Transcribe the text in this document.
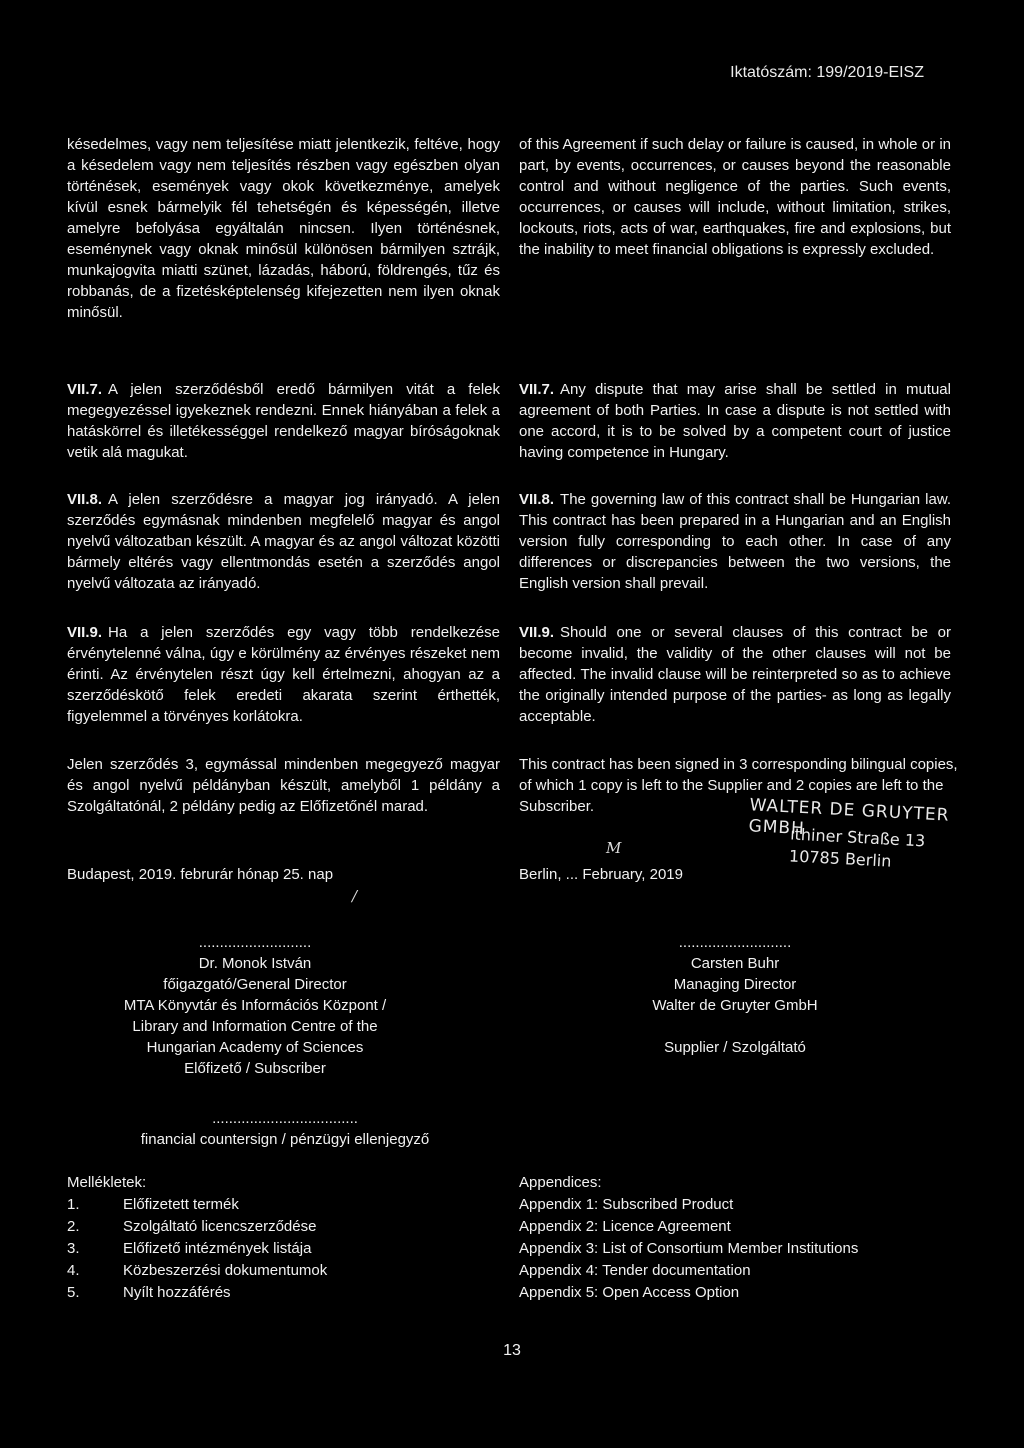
Iktatószám: 199/2019-EISZ
késedelmes, vagy nem teljesítése miatt jelentkezik, feltéve, hogy a késedelem vagy nem teljesítés részben vagy egészben olyan történések, események vagy okok következménye, amelyek kívül esnek bármelyik fél tehetségén és képességén, illetve amelyre befolyása egyáltalán nincsen. Ilyen történésnek, eseménynek vagy oknak minősül különösen bármilyen sztrájk, munkajogvita miatti szünet, lázadás, háború, földrengés, tűz és robbanás, de a fizetésképtelenség kifejezetten nem ilyen oknak minősül.
of this Agreement if such delay or failure is caused, in whole or in part, by events, occurrences, or causes beyond the reasonable control and without negligence of the parties. Such events, occurrences, or causes will include, without limitation, strikes, lockouts, riots, acts of war, earthquakes, fire and explosions, but the inability to meet financial obligations is expressly excluded.
VII.7. A jelen szerződésből eredő bármilyen vitát a felek megegyezéssel igyekeznek rendezni. Ennek hiányában a felek a hatáskörrel és illetékességgel rendelkező magyar bíróságoknak vetik alá magukat.
VII.7. Any dispute that may arise shall be settled in mutual agreement of both Parties. In case a dispute is not settled with one accord, it is to be solved by a competent court of justice having competence in Hungary.
VII.8. A jelen szerződésre a magyar jog irányadó. A jelen szerződés egymásnak mindenben megfelelő magyar és angol nyelvű változatban készült. A magyar és az angol változat közötti bármely eltérés vagy ellentmondás esetén a szerződés angol nyelvű változata az irányadó.
VII.8. The governing law of this contract shall be Hungarian law. This contract has been prepared in a Hungarian and an English version fully corresponding to each other. In case of any differences or discrepancies between the two versions, the English version shall prevail.
VII.9. Ha a jelen szerződés egy vagy több rendelkezése érvénytelenné válna, úgy e körülmény az érvényes részeket nem érinti. Az érvénytelen részt úgy kell értelmezni, ahogyan az a szerződéskötő felek eredeti akarata szerint érthették, figyelemmel a törvényes korlátokra.
VII.9. Should one or several clauses of this contract be or become invalid, the validity of the other clauses will not be affected. The invalid clause will be reinterpreted so as to achieve the originally intended purpose of the parties- as long as legally acceptable.
Jelen szerződés 3, egymással mindenben megegyező magyar és angol nyelvű példányban készült, amelyből 1 példány a Szolgáltatónál, 2 példány pedig az Előfizetőnél marad.
This contract has been signed in 3 corresponding bilingual copies, of which 1 copy is left to the Supplier and 2 copies are left to the Subscriber.	WALTER DE GRUYTER GMBH
ıthiner Straße 13
10785 Berlin
M
/
Budapest, 2019. februrár hónap 25. nap	Berlin, ... February, 2019
...........................
Dr. Monok István
főigazgató/General Director
MTA Könyvtár és Információs Központ /
Library and Information Centre of the
Hungarian Academy of Sciences
Előfizető / Subscriber
...........................
Carsten Buhr
Managing Director
Walter de Gruyter GmbH
Supplier / Szolgáltató
...................................
financial countersign / pénzügyi ellenjegyző
Mellékletek:
1.	Előfizetett termék
2.	Szolgáltató licencszerződése
3.	Előfizető intézmények listája
4.	Közbeszerzési dokumentumok
5.	Nyílt hozzáférés
Appendices:
Appendix 1: Subscribed Product
Appendix 2: Licence Agreement
Appendix 3: List of Consortium Member Institutions
Appendix 4: Tender documentation
Appendix 5: Open Access Option
13
